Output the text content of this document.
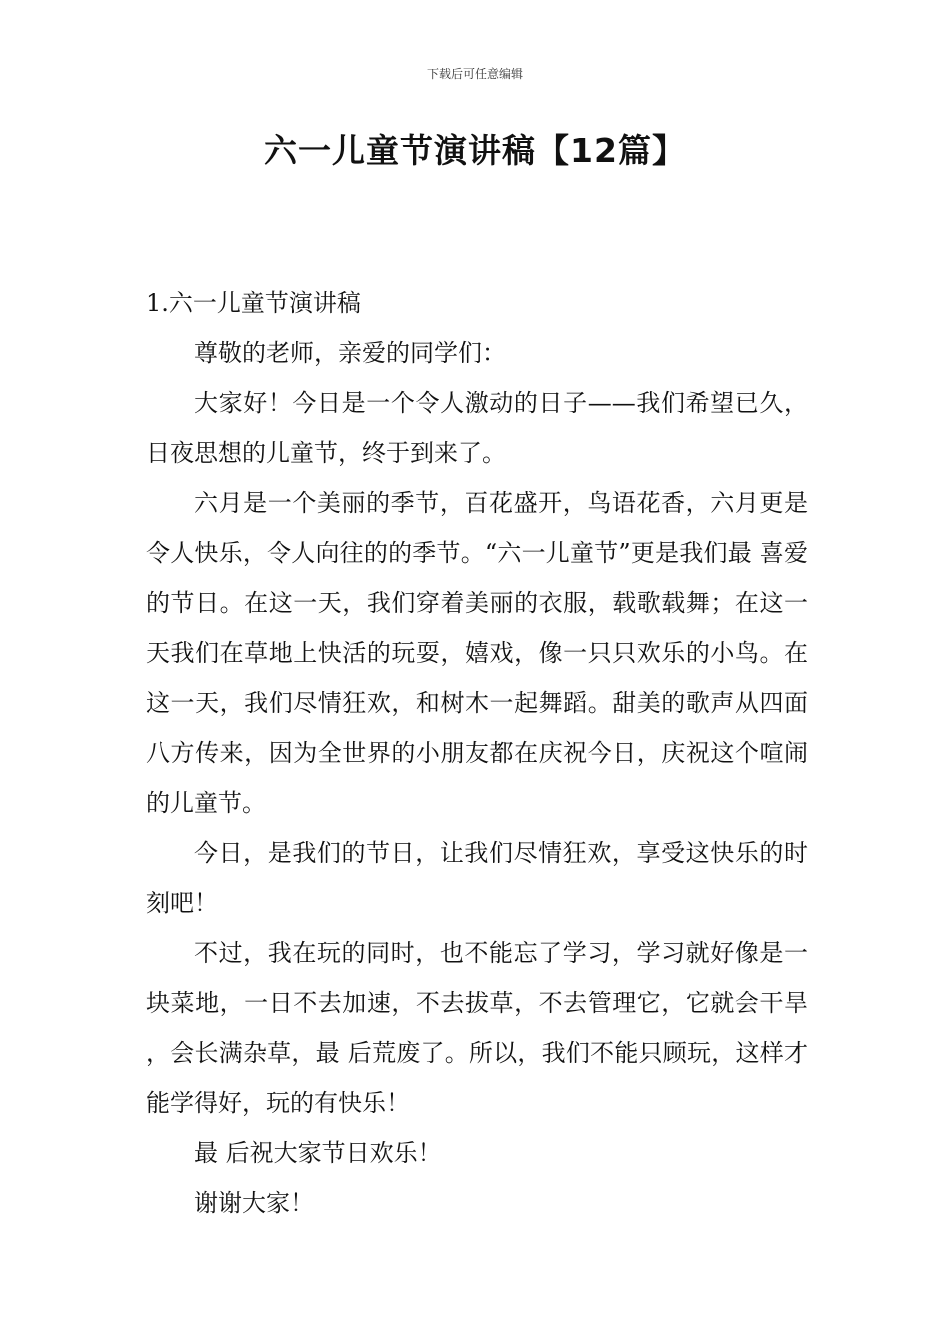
下载后可任意编辑
六一儿童节演讲稿【12篇】

1.六一儿童节演讲稿

尊敬的老师，亲爱的同学们：

大家好！今日是一个令人激动的日子——我们希望已久，日夜思想的儿童节，终于到来了。

六月是一个美丽的季节，百花盛开，鸟语花香，六月更是令人快乐，令人向往的的季节。“六一儿童节”更是我们最 喜爱的节日。在这一天，我们穿着美丽的衣服，载歌载舞；在这一天我们在草地上快活的玩耍，嬉戏，像一只只欢乐的小鸟。在这一天，我们尽情狂欢，和树木一起舞蹈。甜美的歌声从四面八方传来，因为全世界的小朋友都在庆祝今日，庆祝这个喧闹的儿童节。

今日，是我们的节日，让我们尽情狂欢，享受这快乐的时刻吧！

不过，我在玩的同时，也不能忘了学习，学习就好像是一块菜地，一日不去加速，不去拔草，不去管理它，它就会干旱，会长满杂草，最 后荒废了。所以，我们不能只顾玩，这样才能学得好，玩的有快乐！

最 后祝大家节日欢乐！

谢谢大家！
